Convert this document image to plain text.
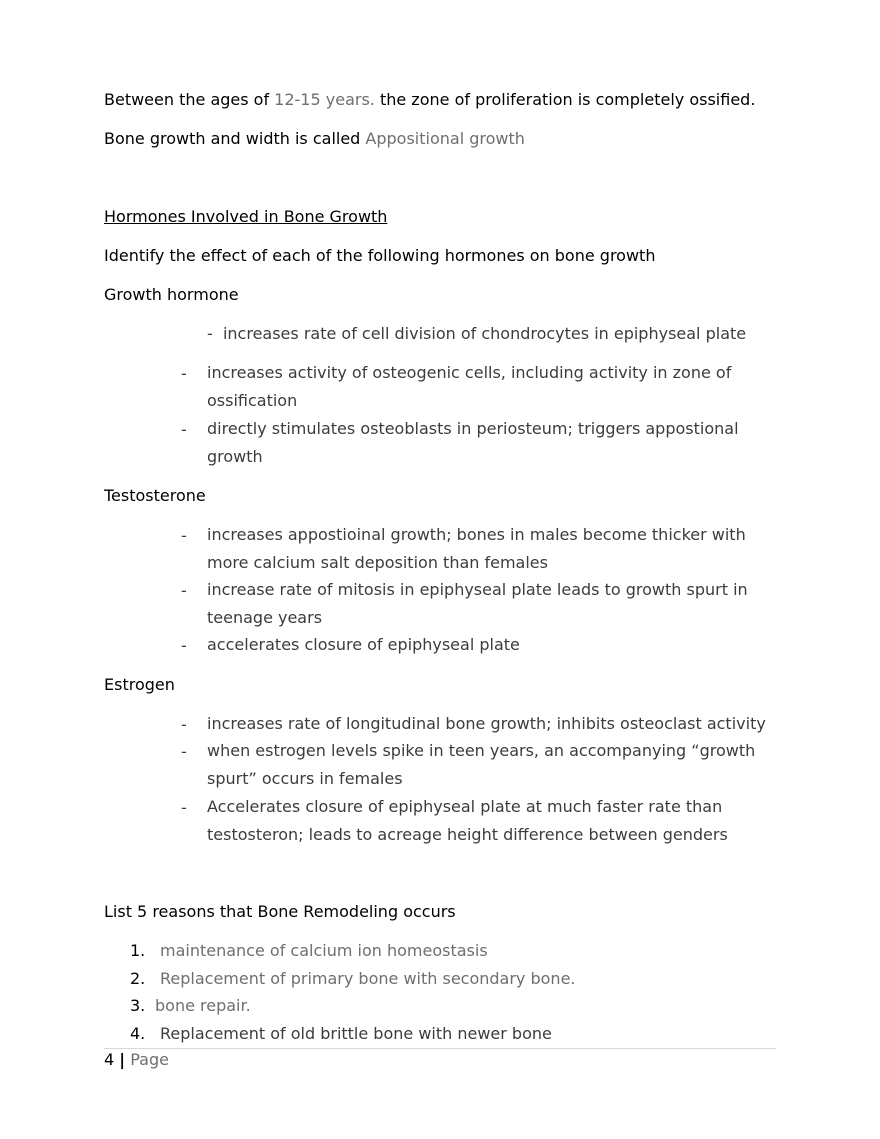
Between the ages of 12-15 years. the zone of proliferation is completely ossified.
Bone growth and width is called Appositional growth
Hormones Involved in Bone Growth
Identify the effect of each of the following hormones on bone growth
Growth hormone
- increases rate of cell division of chondrocytes in epiphyseal plate
- increases activity of osteogenic cells, including activity in zone of ossification
- directly stimulates osteoblasts in periosteum; triggers appostional growth
Testosterone
- increases appostioinal growth; bones in males become thicker with more calcium salt deposition than females
- increase rate of mitosis in epiphyseal plate leads to growth spurt in teenage years
- accelerates closure of epiphyseal plate
Estrogen
- increases rate of longitudinal bone growth; inhibits osteoclast activity
- when estrogen levels spike in teen years, an accompanying “growth spurt” occurs in females
- Accelerates closure of epiphyseal plate at much faster rate than testosteron; leads to acreage height difference between genders
List 5 reasons that Bone Remodeling occurs
1. maintenance of calcium ion homeostasis
2. Replacement of primary bone with secondary bone.
3. bone repair.
4. Replacement of old brittle bone with newer bone
4 | Page
